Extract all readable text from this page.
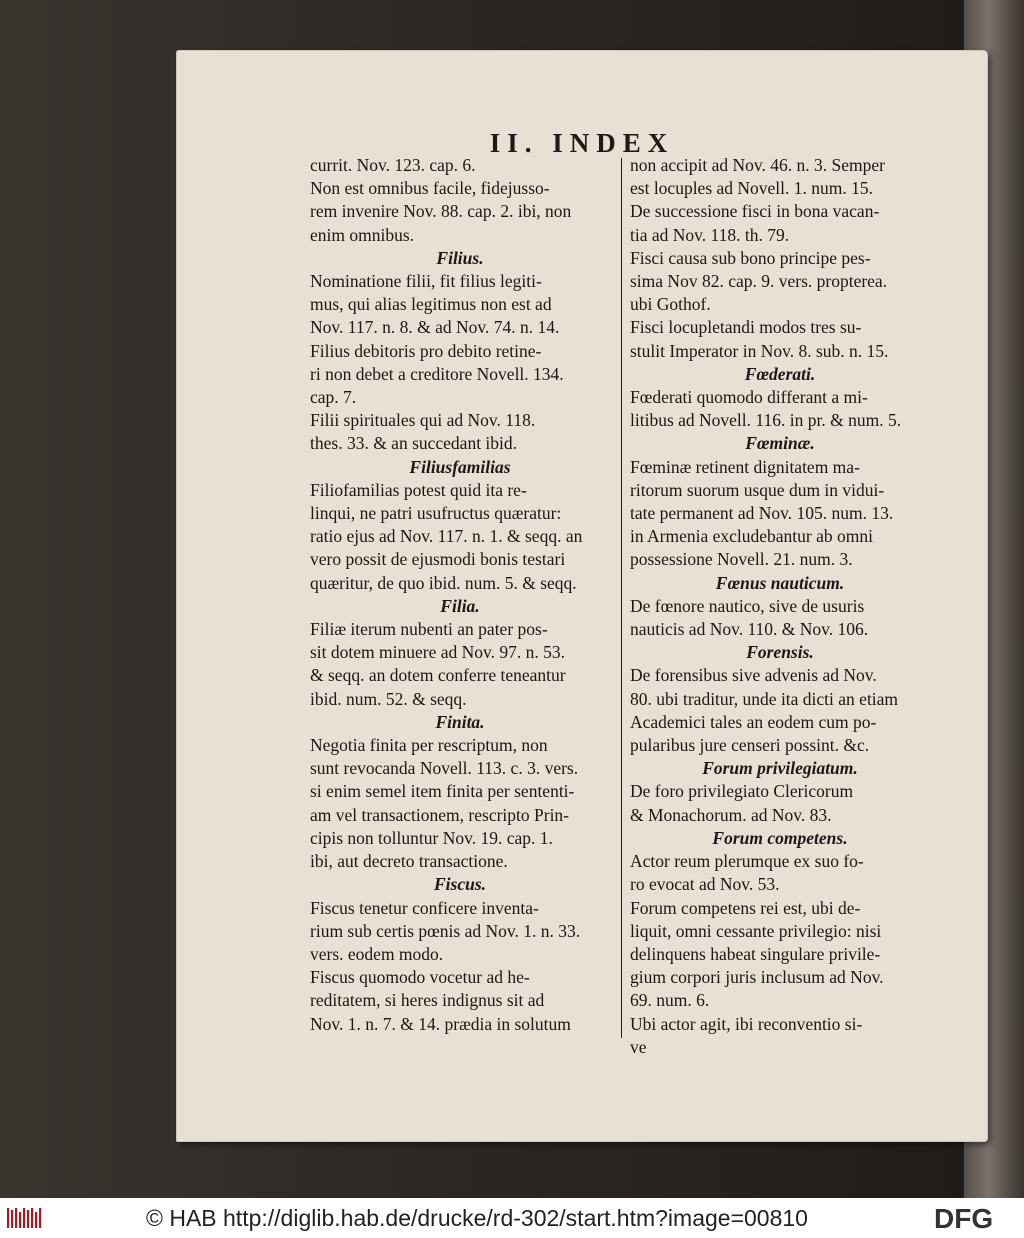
II. INDEX
currit. Nov. 123. cap. 6.
Non est omnibus facile, fidejusso-
rem invenire Nov. 88. cap. 2. ibi, non
enim omnibus.
Filius.
Nominatione filii, fit filius legiti-
mus, qui alias legitimus non est ad
Nov. 117. n. 8. & ad Nov. 74. n. 14.
Filius debitoris pro debito retine-
ri non debet a creditore Novell. 134.
cap. 7.
Filii spirituales qui ad Nov. 118.
thes. 33. & an succedant ibid.
Filiusfamilias
Filiofamilias potest quid ita re-
linqui, ne patri usufructus quæratur:
ratio ejus ad Nov. 117. n. 1. & seqq. an
vero possit de ejusmodi bonis testari
quæritur, de quo ibid. num. 5. & seqq.
Filia.
Filiæ iterum nubenti an pater pos-
sit dotem minuere ad Nov. 97. n. 53.
& seqq. an dotem conferre teneantur
ibid. num. 52. & seqq.
Finita.
Negotia finita per rescriptum, non
sunt revocanda Novell. 113. c. 3. vers.
si enim semel item finita per sententi-
am vel transactionem, rescripto Prin-
cipis non tolluntur Nov. 19. cap. 1.
ibi, aut decreto transactione.
Fiscus.
Fiscus tenetur conficere inventa-
rium sub certis pœnis ad Nov. 1. n. 33.
vers. eodem modo.
Fiscus quomodo vocetur ad he-
reditatem, si heres indignus sit ad
Nov. 1. n. 7. & 14. prædia in solutum
non accipit ad Nov. 46. n. 3. Semper
est locuples ad Novell. 1. num. 15.
De successione fisci in bona vacan-
tia ad Nov. 118. th. 79.
Fisci causa sub bono principe pes-
sima Nov 82. cap. 9. vers. propterea.
ubi Gothof.
Fisci locupletandi modos tres su-
stulit Imperator in Nov. 8. sub. n. 15.
Fœderati.
Fœderati quomodo differant a mi-
litibus ad Novell. 116. in pr. & num. 5.
Fœminæ.
Fœminæ retinent dignitatem ma-
ritorum suorum usque dum in vidui-
tate permanent ad Nov. 105. num. 13.
in Armenia excludebantur ab omni
possessione Novell. 21. num. 3.
Fœnus nauticum.
De fœnore nautico, sive de usuris
nauticis ad Nov. 110. & Nov. 106.
Forensis.
De forensibus sive advenis ad Nov.
80. ubi traditur, unde ita dicti an etiam
Academici tales an eodem cum po-
pularibus jure censeri possint. &c.
Forum privilegiatum.
De foro privilegiato Clericorum
& Monachorum. ad Nov. 83.
Forum competens.
Actor reum plerumque ex suo fo-
ro evocat ad Nov. 53.
Forum competens rei est, ubi de-
liquit, omni cessante privilegio: nisi
delinquens habeat singulare privile-
gium corpori juris inclusum ad Nov.
69. num. 6.
Ubi actor agit, ibi reconventio si-
ve
© HAB http://diglib.hab.de/drucke/rd-302/start.htm?image=00810	DFG
